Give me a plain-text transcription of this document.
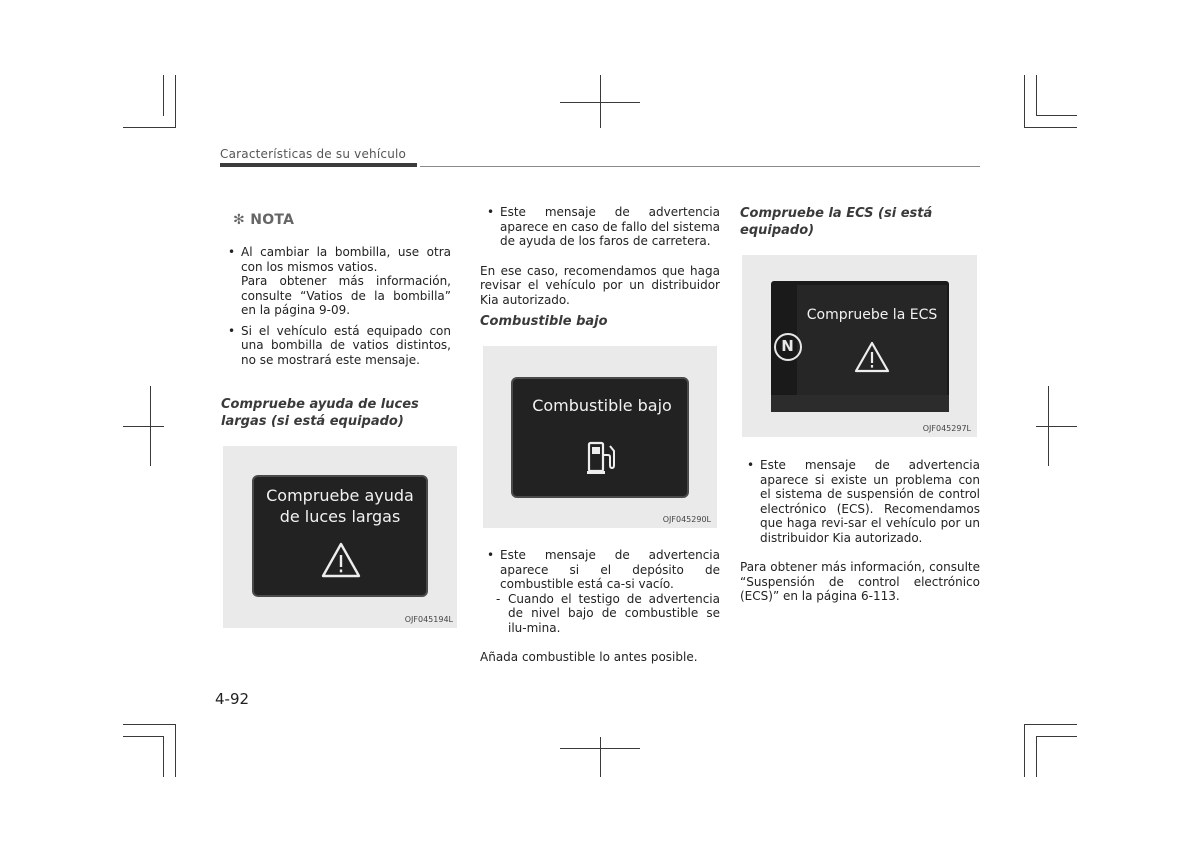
Características de su vehículo
✻ NOTA
• Al cambiar la bombilla, use otra con los mismos vatios.
Para obtener más información, consulte “Vatios de la bombilla” en la página 9-09.
• Si el vehículo está equipado con una bombilla de vatios distintos, no se mostrará este mensaje.
Compruebe ayuda de luces largas (si está equipado)
Compruebe ayuda de luces largas
OJF045194L
• Este mensaje de advertencia aparece en caso de fallo del sistema de ayuda de los faros de carretera.
En ese caso, recomendamos que haga revisar el vehículo por un distribuidor Kia autorizado.
Combustible bajo
Combustible bajo
OJF045290L
• Este mensaje de advertencia aparece si el depósito de combustible está ca-si vacío.
- Cuando el testigo de advertencia de nivel bajo de combustible se ilu-mina.
Añada combustible lo antes posible.
Compruebe la ECS (si está equipado)
Compruebe la ECS
N
OJF045297L
• Este mensaje de advertencia aparece si existe un problema con el sistema de suspensión de control electrónico (ECS). Recomendamos que haga revi-sar el vehículo por un distribuidor Kia autorizado.
Para obtener más información, consulte “Suspensión de control electrónico (ECS)” en la página 6-113.
4-92
